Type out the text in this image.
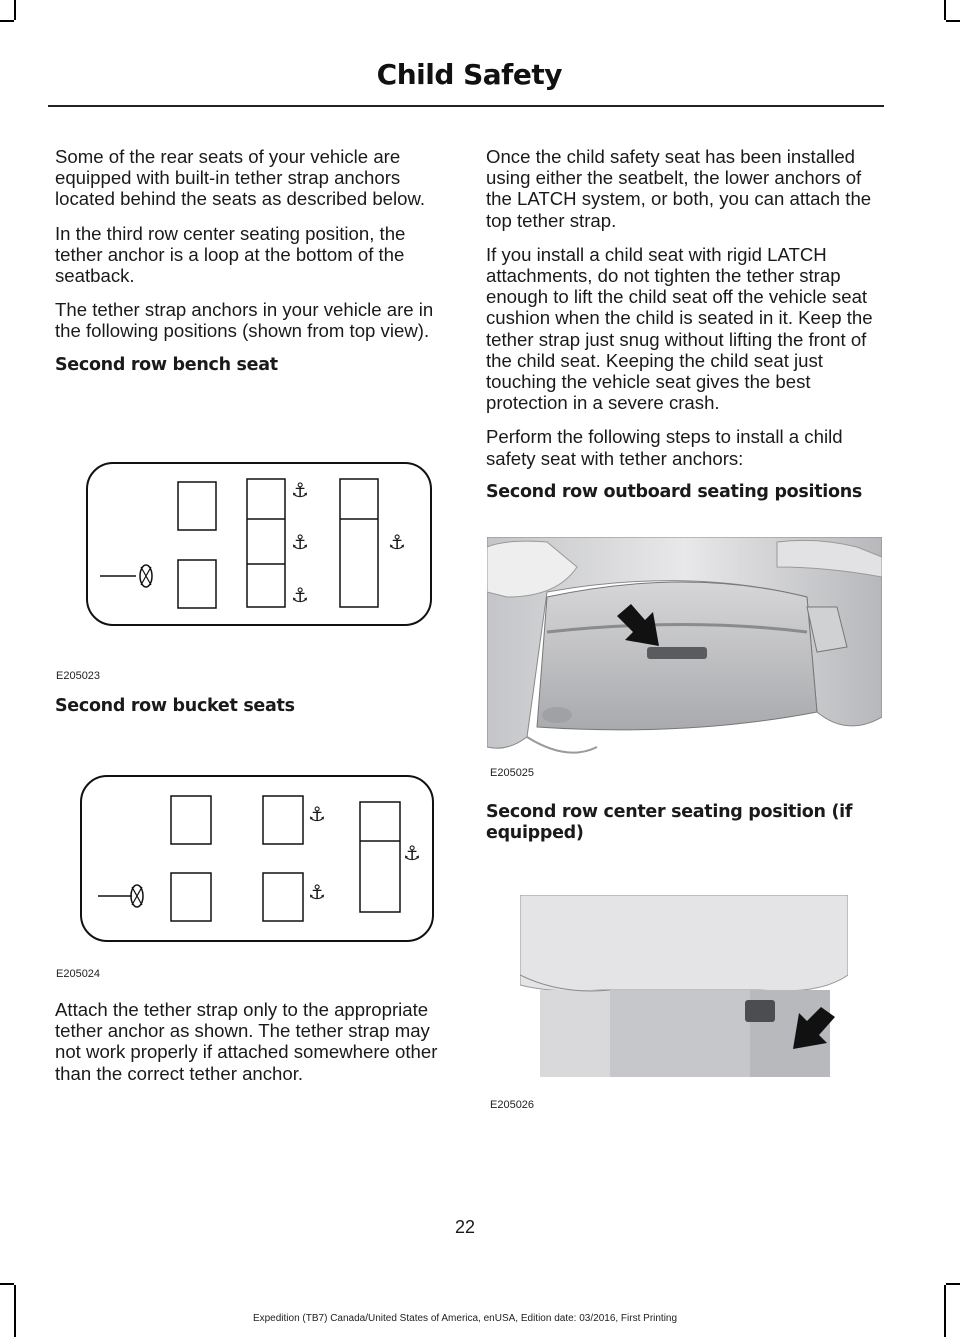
Child Safety

Some of the rear seats of your vehicle are equipped with built-in tether strap anchors located behind the seats as described below.

In the third row center seating position, the tether anchor is a loop at the bottom of the seatback.

The tether strap anchors in your vehicle are in the following positions (shown from top view).

Second row bench seat
⚓
⚓
⚓
⚓
E205023
Second row bucket seats
⚓
⚓
⚓
E205024

Attach the tether strap only to the appropriate tether anchor as shown. The tether strap may not work properly if attached somewhere other than the correct tether anchor.

Once the child safety seat has been installed using either the seatbelt, the lower anchors of the LATCH system, or both, you can attach the top tether strap.

If you install a child seat with rigid LATCH attachments, do not tighten the tether strap enough to lift the child seat off the vehicle seat cushion when the child is seated in it. Keep the tether strap just snug without lifting the front of the child seat. Keeping the child seat just touching the vehicle seat gives the best protection in a severe crash.

Perform the following steps to install a child safety seat with tether anchors:

Second row outboard seating positions
E205025
Second row center seating position (if equipped)
E205026
22
Expedition (TB7) Canada/United States of America, enUSA, Edition date: 03/2016, First Printing
